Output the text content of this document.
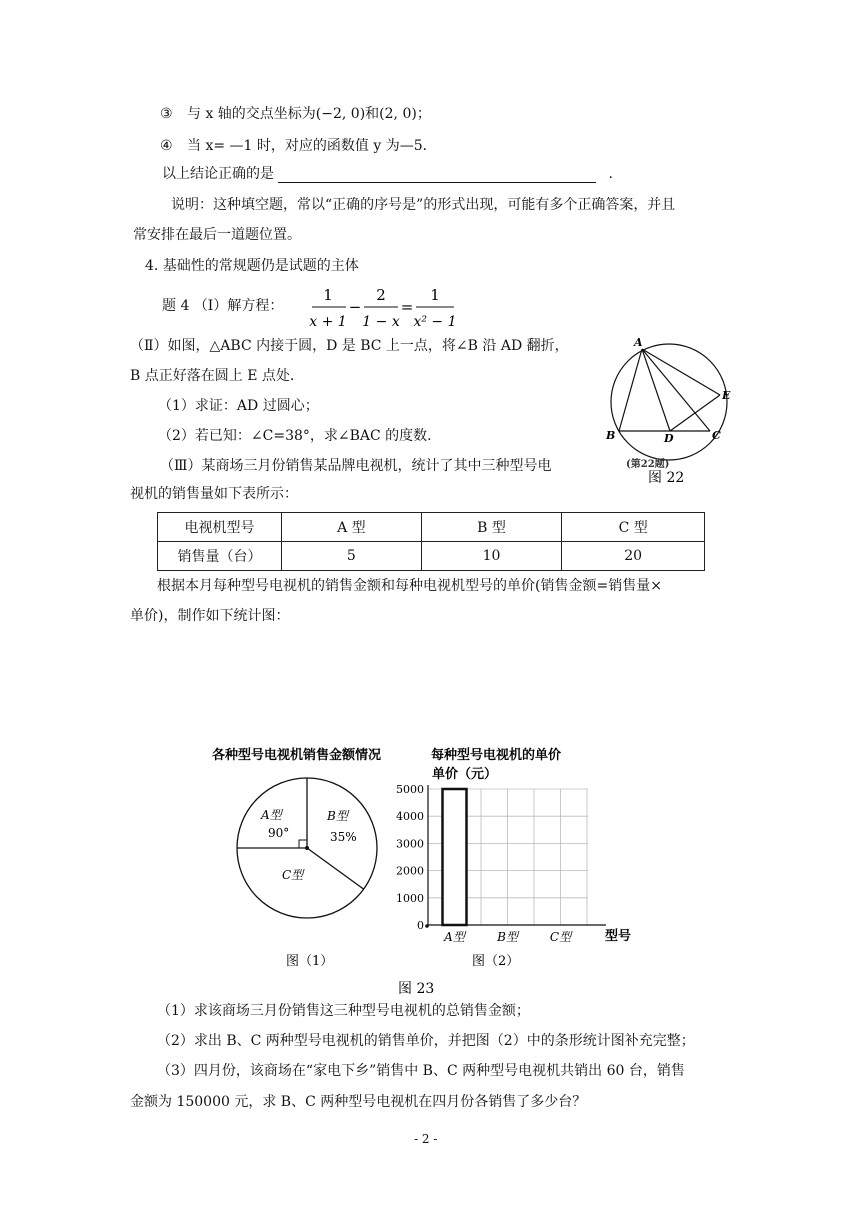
③ 与 x 轴的交点坐标为(−2, 0)和(2, 0)；
④ 当 x= —1 时，对应的函数值 y 为—5．
以上结论正确的是	.
说明：这种填空题，常以“正确的序号是”的形式出现，可能有多个正确答案，并且
常安排在最后一道题位置。
4. 基础性的常规题仍是试题的主体
题 4 （Ⅰ）解方程：
1
x + 1
−
2
1 − x
=
1
x² − 1
（Ⅱ）如图，△ABC 内接于圆，D 是 BC 上一点，将∠B 沿 AD 翻折，
B 点正好落在圆上 E 点处.
（1）求证：AD 过圆心；
（2）若已知：∠C=38°，求∠BAC 的度数.
（Ⅲ）某商场三月份销售某品牌电视机，统计了其中三种型号电
视机的销售量如下表所示：
A
B	C
D
E
(第22题)
图 22
电视机型号	A 型	B 型	C 型
销售量（台）	5	10	20
根据本月每种型号电视机的销售金额和每种电视机型号的单价(销售金额=销售量×
单价)，制作如下统计图：
各种型号电视机销售金额情况
A型
90°
B型
35%
C型
每种型号电视机的单价
单价（元）
0
1000
2000
3000
4000
5000
A型	B型	C型	型号
图（1）	图（2）
图 23
（1）求该商场三月份销售这三种型号电视机的总销售金额；
（2）求出 B、C 两种型号电视机的销售单价，并把图（2）中的条形统计图补充完整；
（3）四月份，该商场在“家电下乡”销售中 B、C 两种型号电视机共销出 60 台，销售
金额为 150000 元，求 B、C 两种型号电视机在四月份各销售了多少台？
- 2 -
